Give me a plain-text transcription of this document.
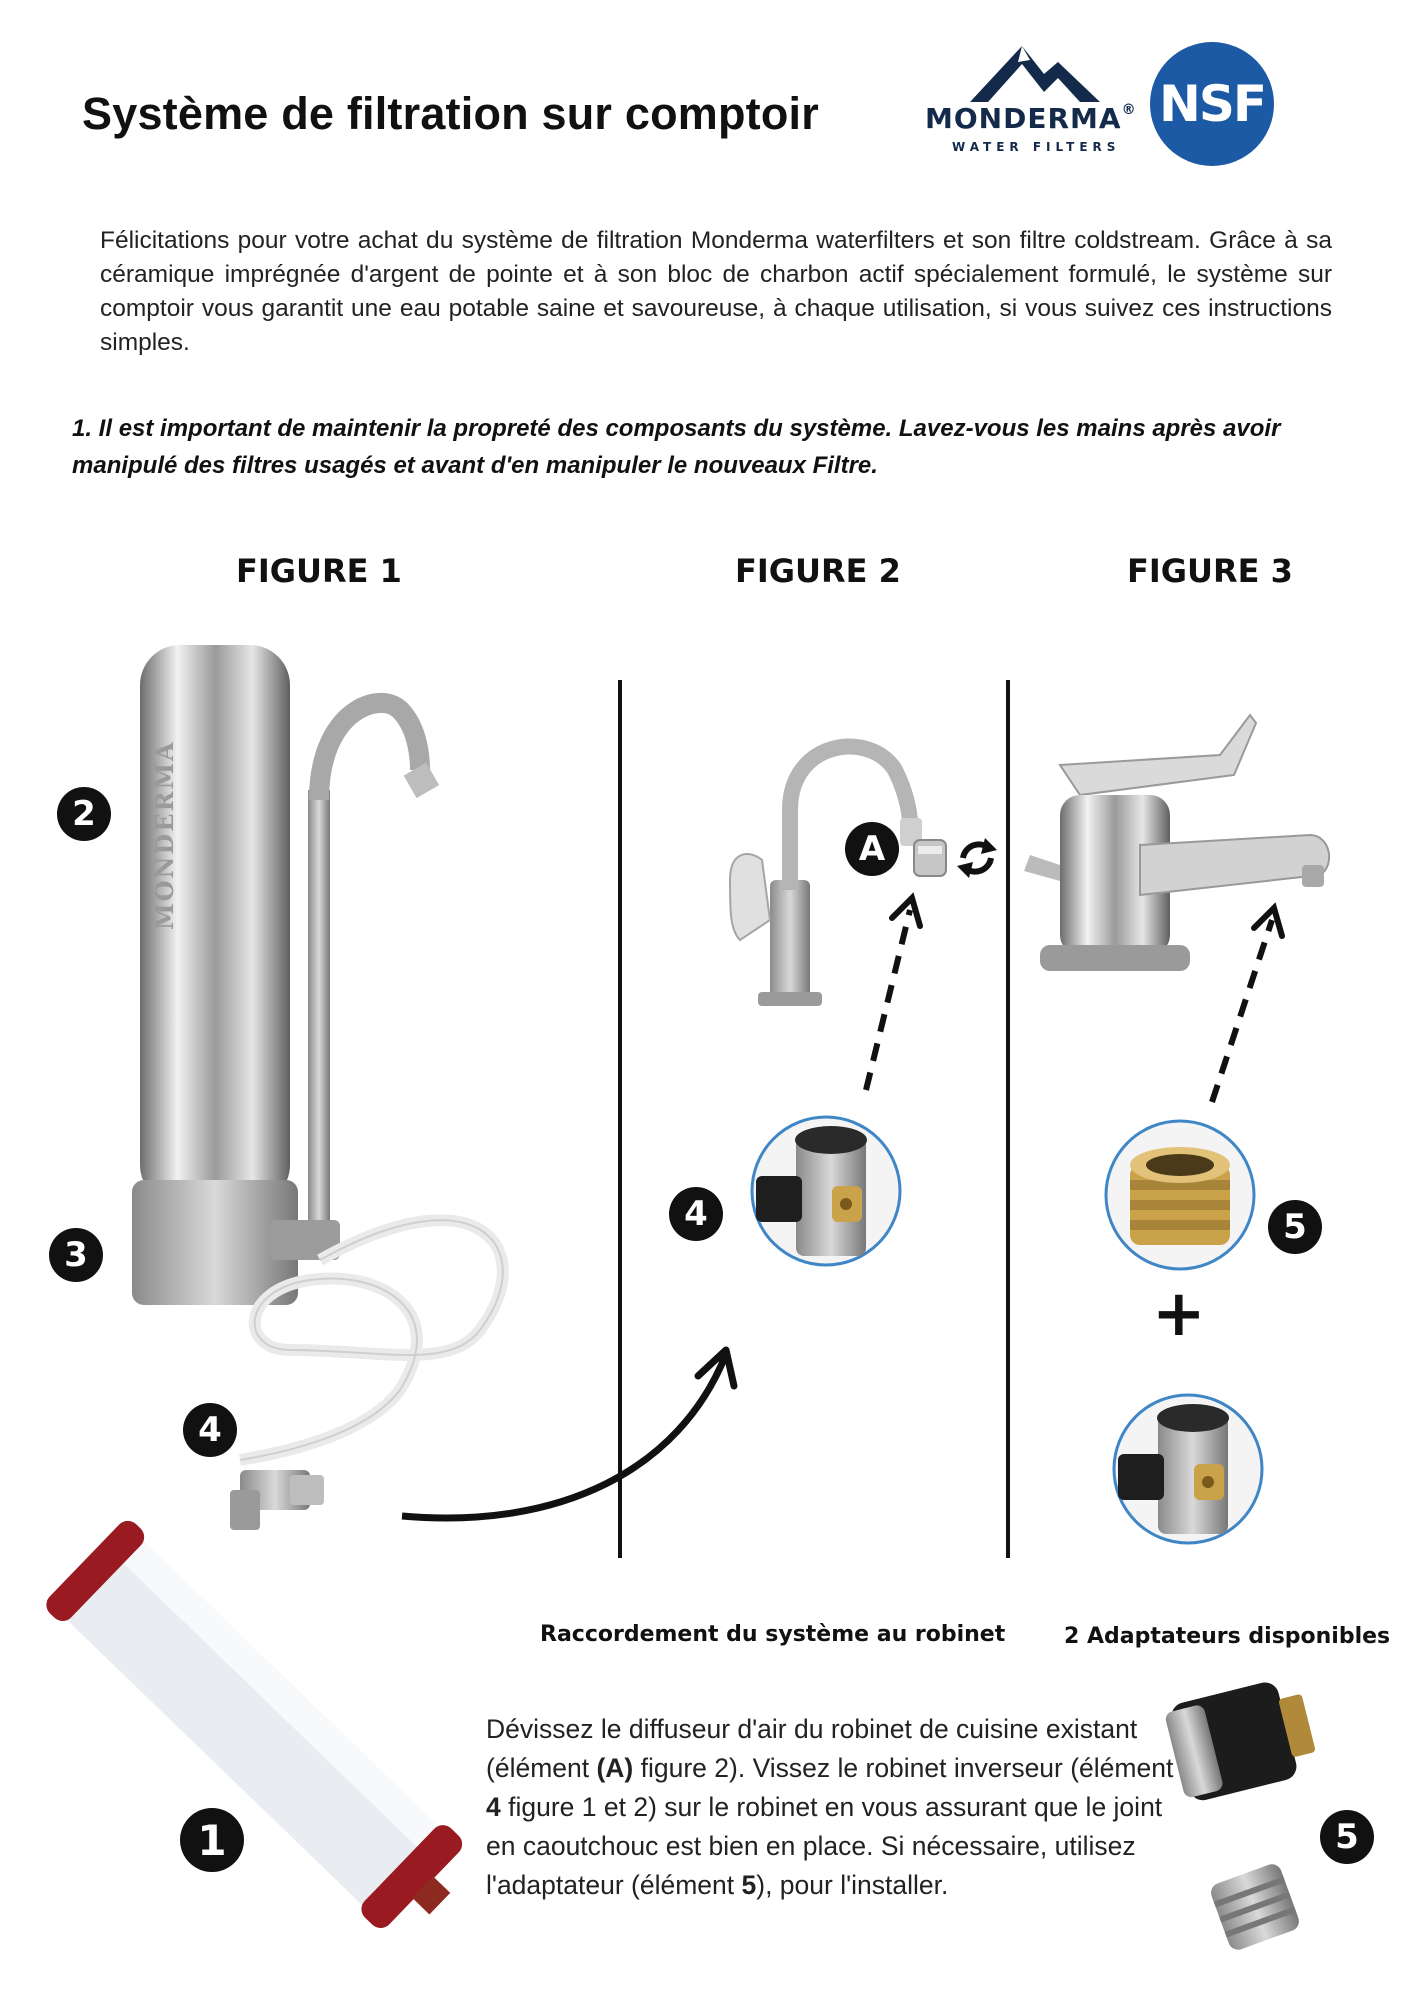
Système de filtration sur comptoir	MONDERMA®
WATER FILTERS
NSF
Félicitations pour votre achat du système de filtration Monderma waterfilters et son filtre coldstream. Grâce à sa céramique imprégnée d'argent de pointe et à son bloc de charbon actif spécialement formulé, le système sur comptoir vous garantit une eau potable saine et savoureuse, à chaque utilisation, si vous suivez ces instructions simples.
1. Il est important de maintenir la propreté des composants du système. Lavez-vous les mains après avoir manipulé des filtres usagés et avant d'en manipuler le nouveaux Filtre.
FIGURE 1	FIGURE 2	FIGURE 3
MONDERMA
2
3
4
1
A
4	5
+
Raccordement du système au robinet	2 Adaptateurs disponibles
Dévissez le diffuseur d'air du robinet de cuisine existant (élément (A) figure 2). Vissez le robinet inverseur (élément 4 figure 1 et 2) sur le robinet en vous assurant que le joint en caoutchouc est bien en place. Si nécessaire, utilisez l'adaptateur (élément 5), pour l'installer.
5
